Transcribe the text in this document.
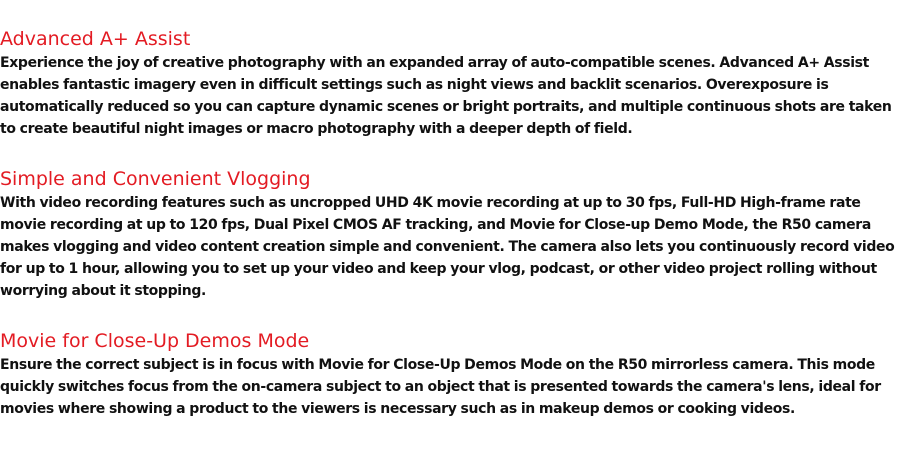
Advanced A+ Assist

Experience the joy of creative photography with an expanded array of auto-compatible scenes. Advanced A+ Assist enables fantastic imagery even in difficult settings such as night views and backlit scenarios. Overexposure is automatically reduced so you can capture dynamic scenes or bright portraits, and multiple continuous shots are taken to create beautiful night images or macro photography with a deeper depth of field.

Simple and Convenient Vlogging

With video recording features such as uncropped UHD 4K movie recording at up to 30 fps, Full-HD High-frame rate movie recording at up to 120 fps, Dual Pixel CMOS AF tracking, and Movie for Close-up Demo Mode, the R50 camera makes vlogging and video content creation simple and convenient. The camera also lets you continuously record video for up to 1 hour, allowing you to set up your video and keep your vlog, podcast, or other video project rolling without worrying about it stopping.

Movie for Close-Up Demos Mode

Ensure the correct subject is in focus with Movie for Close-Up Demos Mode on the R50 mirrorless camera. This mode quickly switches focus from the on-camera subject to an object that is presented towards the camera's lens, ideal for movies where showing a product to the viewers is necessary such as in makeup demos or cooking videos.
